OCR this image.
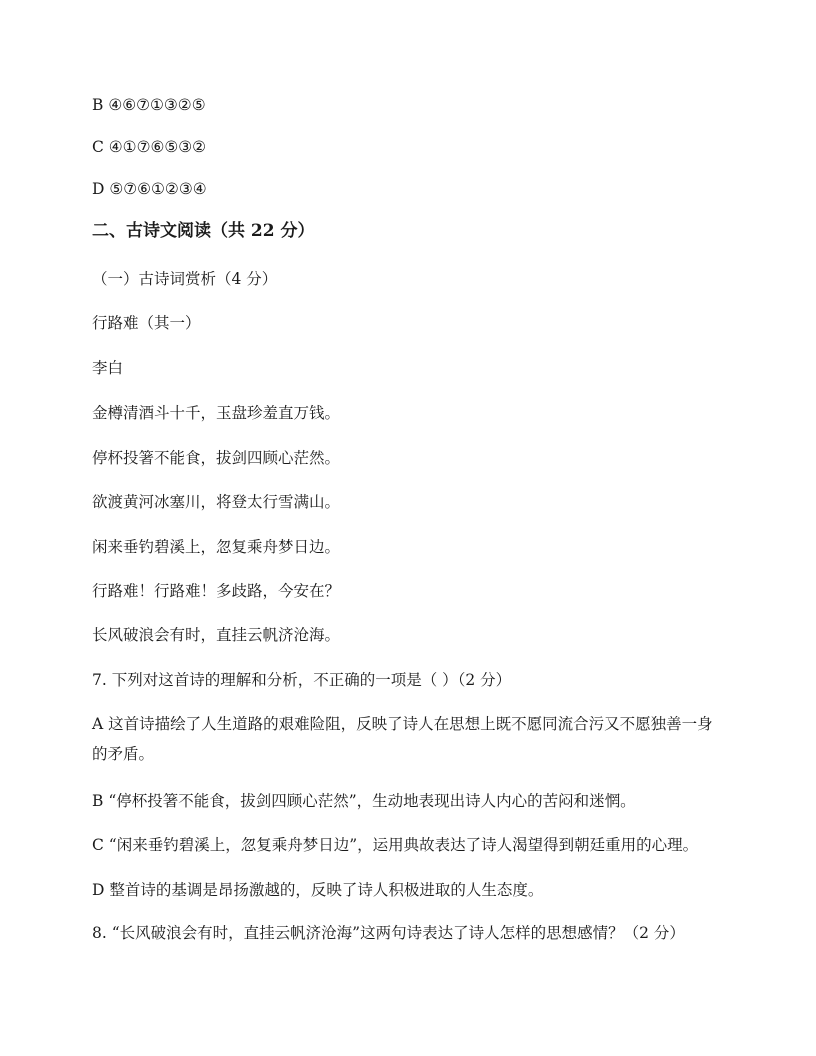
B ④⑥⑦①③②⑤
C ④①⑦⑥⑤③②
D ⑤⑦⑥①②③④
二、古诗文阅读（共 22 分）
（一）古诗词赏析（4 分）
行路难（其一）
李白
金樽清酒斗十千，玉盘珍羞直万钱。
停杯投箸不能食，拔剑四顾心茫然。
欲渡黄河冰塞川，将登太行雪满山。
闲来垂钓碧溪上，忽复乘舟梦日边。
行路难！行路难！多歧路，今安在？
长风破浪会有时，直挂云帆济沧海。
7. 下列对这首诗的理解和分析，不正确的一项是（ ）（2 分）
A 这首诗描绘了人生道路的艰难险阻，反映了诗人在思想上既不愿同流合污又不愿独善一身的矛盾。
B “停杯投箸不能食，拔剑四顾心茫然”，生动地表现出诗人内心的苦闷和迷惘。
C “闲来垂钓碧溪上，忽复乘舟梦日边”，运用典故表达了诗人渴望得到朝廷重用的心理。
D 整首诗的基调是昂扬激越的，反映了诗人积极进取的人生态度。
8. “长风破浪会有时，直挂云帆济沧海”这两句诗表达了诗人怎样的思想感情？（2 分）
